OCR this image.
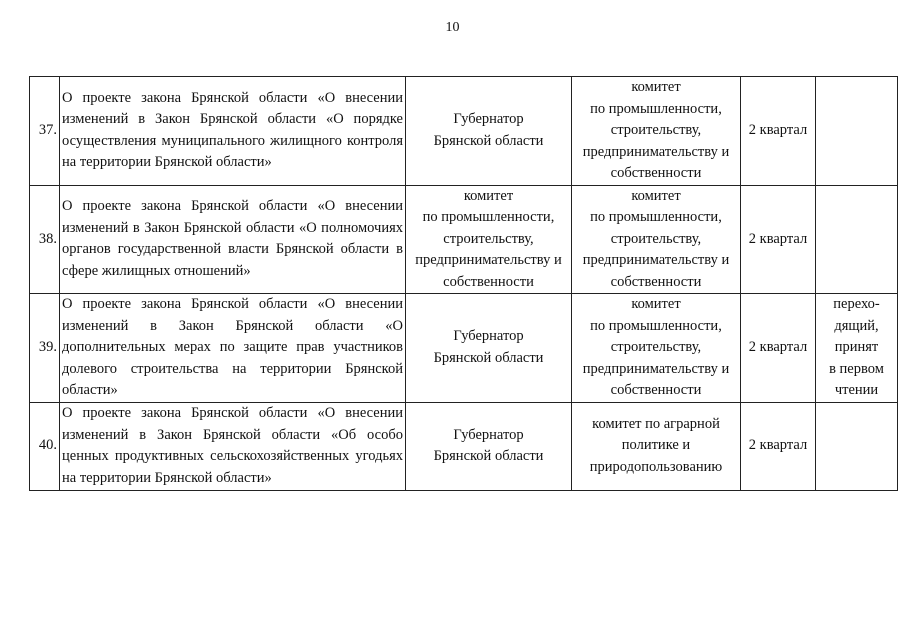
10
37.	О проекте закона Брянской области «О внесении изменений в Закон Брянской области «О порядке осуществления муниципального жилищного контроля на территории Брянской области»	Губернатор
Брянской области	комитет
по промышленности,
строительству,
предпринимательству и
собственности	2 квартал	
38.	О проекте закона Брянской области «О внесении изменений в Закон Брянской области «О полномочиях органов государственной власти Брянской области в сфере жилищных отношений»	комитет
по промышленности,
строительству,
предпринимательству и
собственности	комитет
по промышленности,
строительству,
предпринимательству и
собственности	2 квартал	
39.	О проекте закона Брянской области «О внесении изменений в Закон Брянской области «О дополнительных мерах по защите прав участников долевого строительства на территории Брянской области»	Губернатор
Брянской области	комитет
по промышленности,
строительству,
предпринимательству и
собственности	2 квартал	перехо-
дящий,
принят
в первом
чтении
40.	О проекте закона Брянской области «О внесении изменений в Закон Брянской области «Об особо ценных продуктивных сельскохозяйственных угодьях на территории Брянской области»	Губернатор
Брянской области	комитет по аграрной
политике и
природопользованию	2 квартал	
